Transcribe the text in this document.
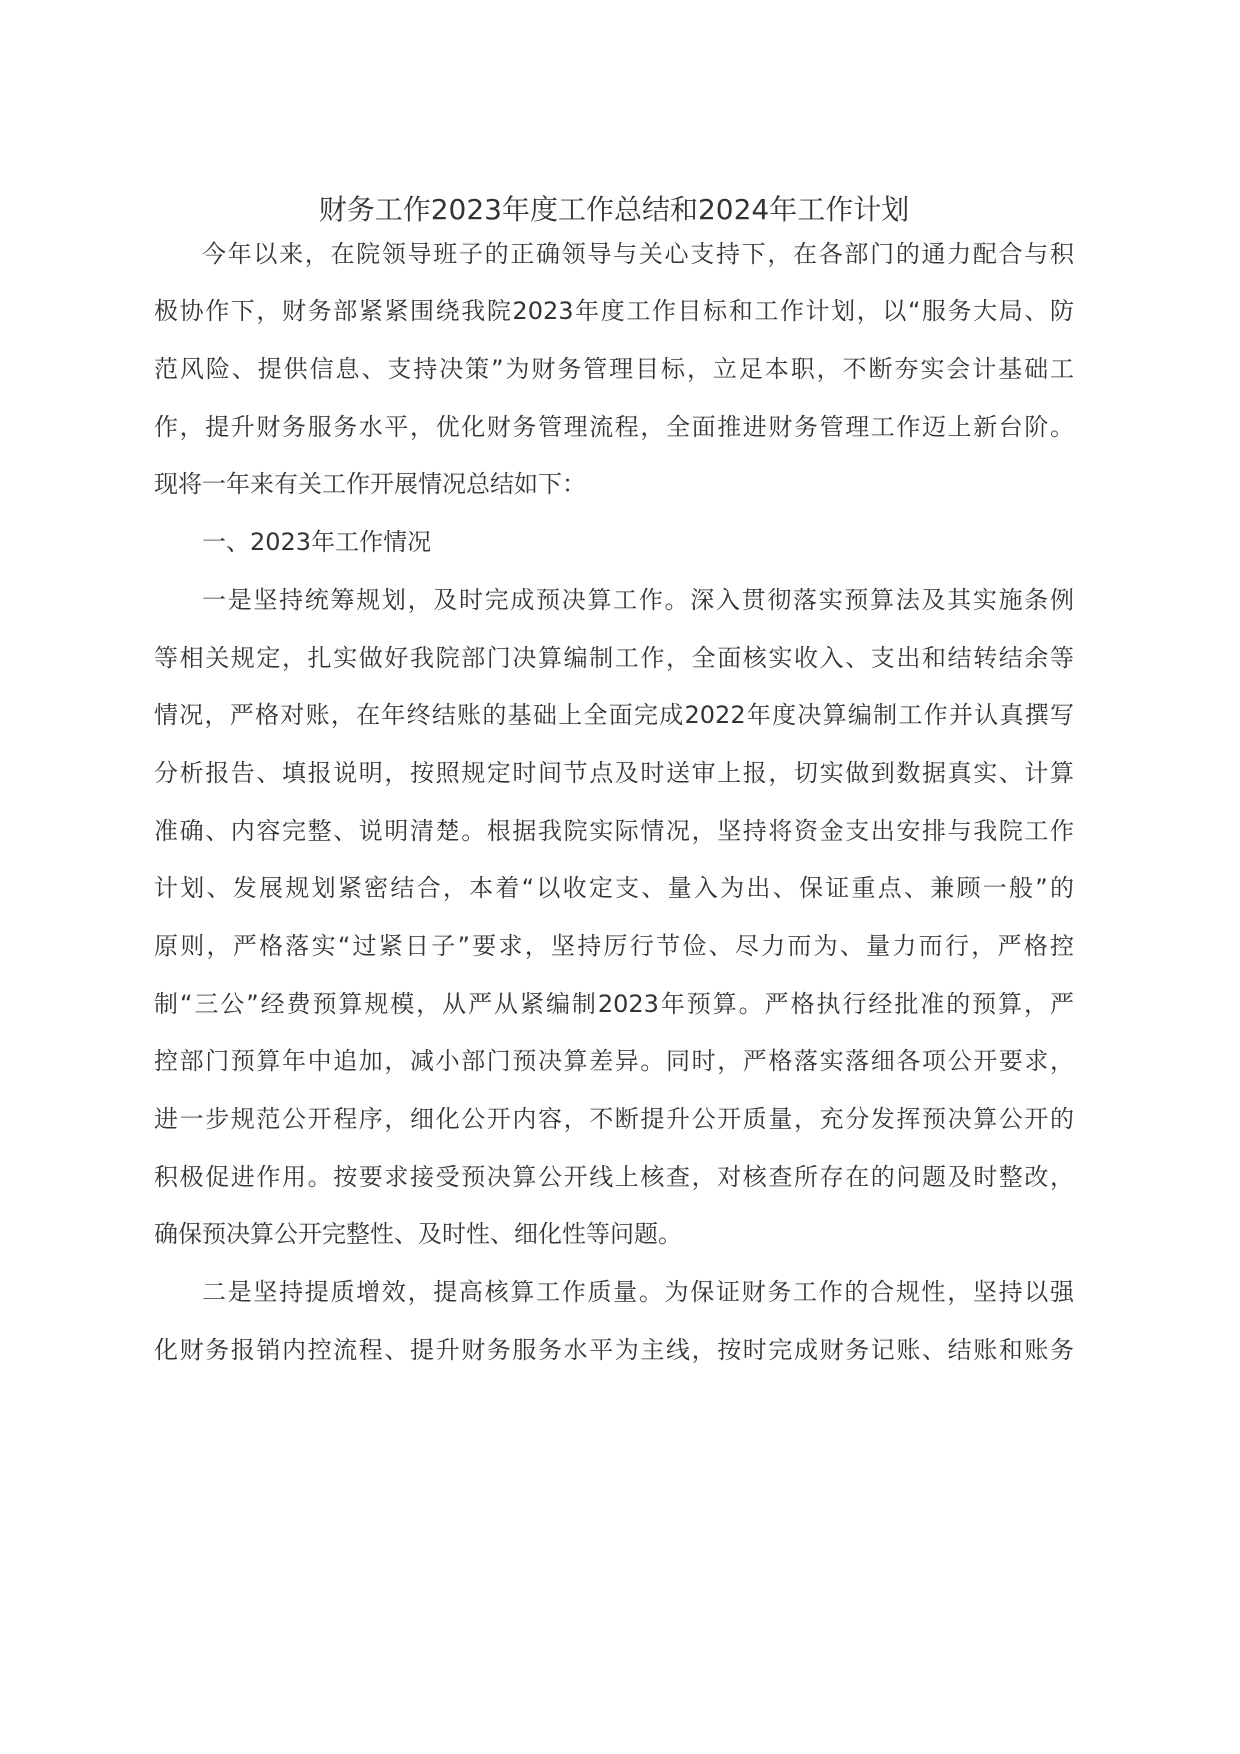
财务工作2023年度工作总结和2024年工作计划

今年以来，在院领导班子的正确领导与关心支持下，在各部门的通力配合与积

极协作下，财务部紧紧围绕我院2023年度工作目标和工作计划，以“服务大局、防

范风险、提供信息、支持决策”为财务管理目标，立足本职，不断夯实会计基础工

作，提升财务服务水平，优化财务管理流程，全面推进财务管理工作迈上新台阶。

现将一年来有关工作开展情况总结如下：

一、2023年工作情况

一是坚持统筹规划，及时完成预决算工作。深入贯彻落实预算法及其实施条例

等相关规定，扎实做好我院部门决算编制工作，全面核实收入、支出和结转结余等

情况，严格对账，在年终结账的基础上全面完成2022年度决算编制工作并认真撰写

分析报告、填报说明，按照规定时间节点及时送审上报，切实做到数据真实、计算

准确、内容完整、说明清楚。根据我院实际情况，坚持将资金支出安排与我院工作

计划、发展规划紧密结合，本着“以收定支、量入为出、保证重点、兼顾一般”的

原则，严格落实“过紧日子”要求，坚持厉行节俭、尽力而为、量力而行，严格控

制“三公”经费预算规模，从严从紧编制2023年预算。严格执行经批准的预算，严

控部门预算年中追加，减小部门预决算差异。同时，严格落实落细各项公开要求，

进一步规范公开程序，细化公开内容，不断提升公开质量，充分发挥预决算公开的

积极促进作用。按要求接受预决算公开线上核查，对核查所存在的问题及时整改，

确保预决算公开完整性、及时性、细化性等问题。

二是坚持提质增效，提高核算工作质量。为保证财务工作的合规性，坚持以强

化财务报销内控流程、提升财务服务水平为主线，按时完成财务记账、结账和账务
